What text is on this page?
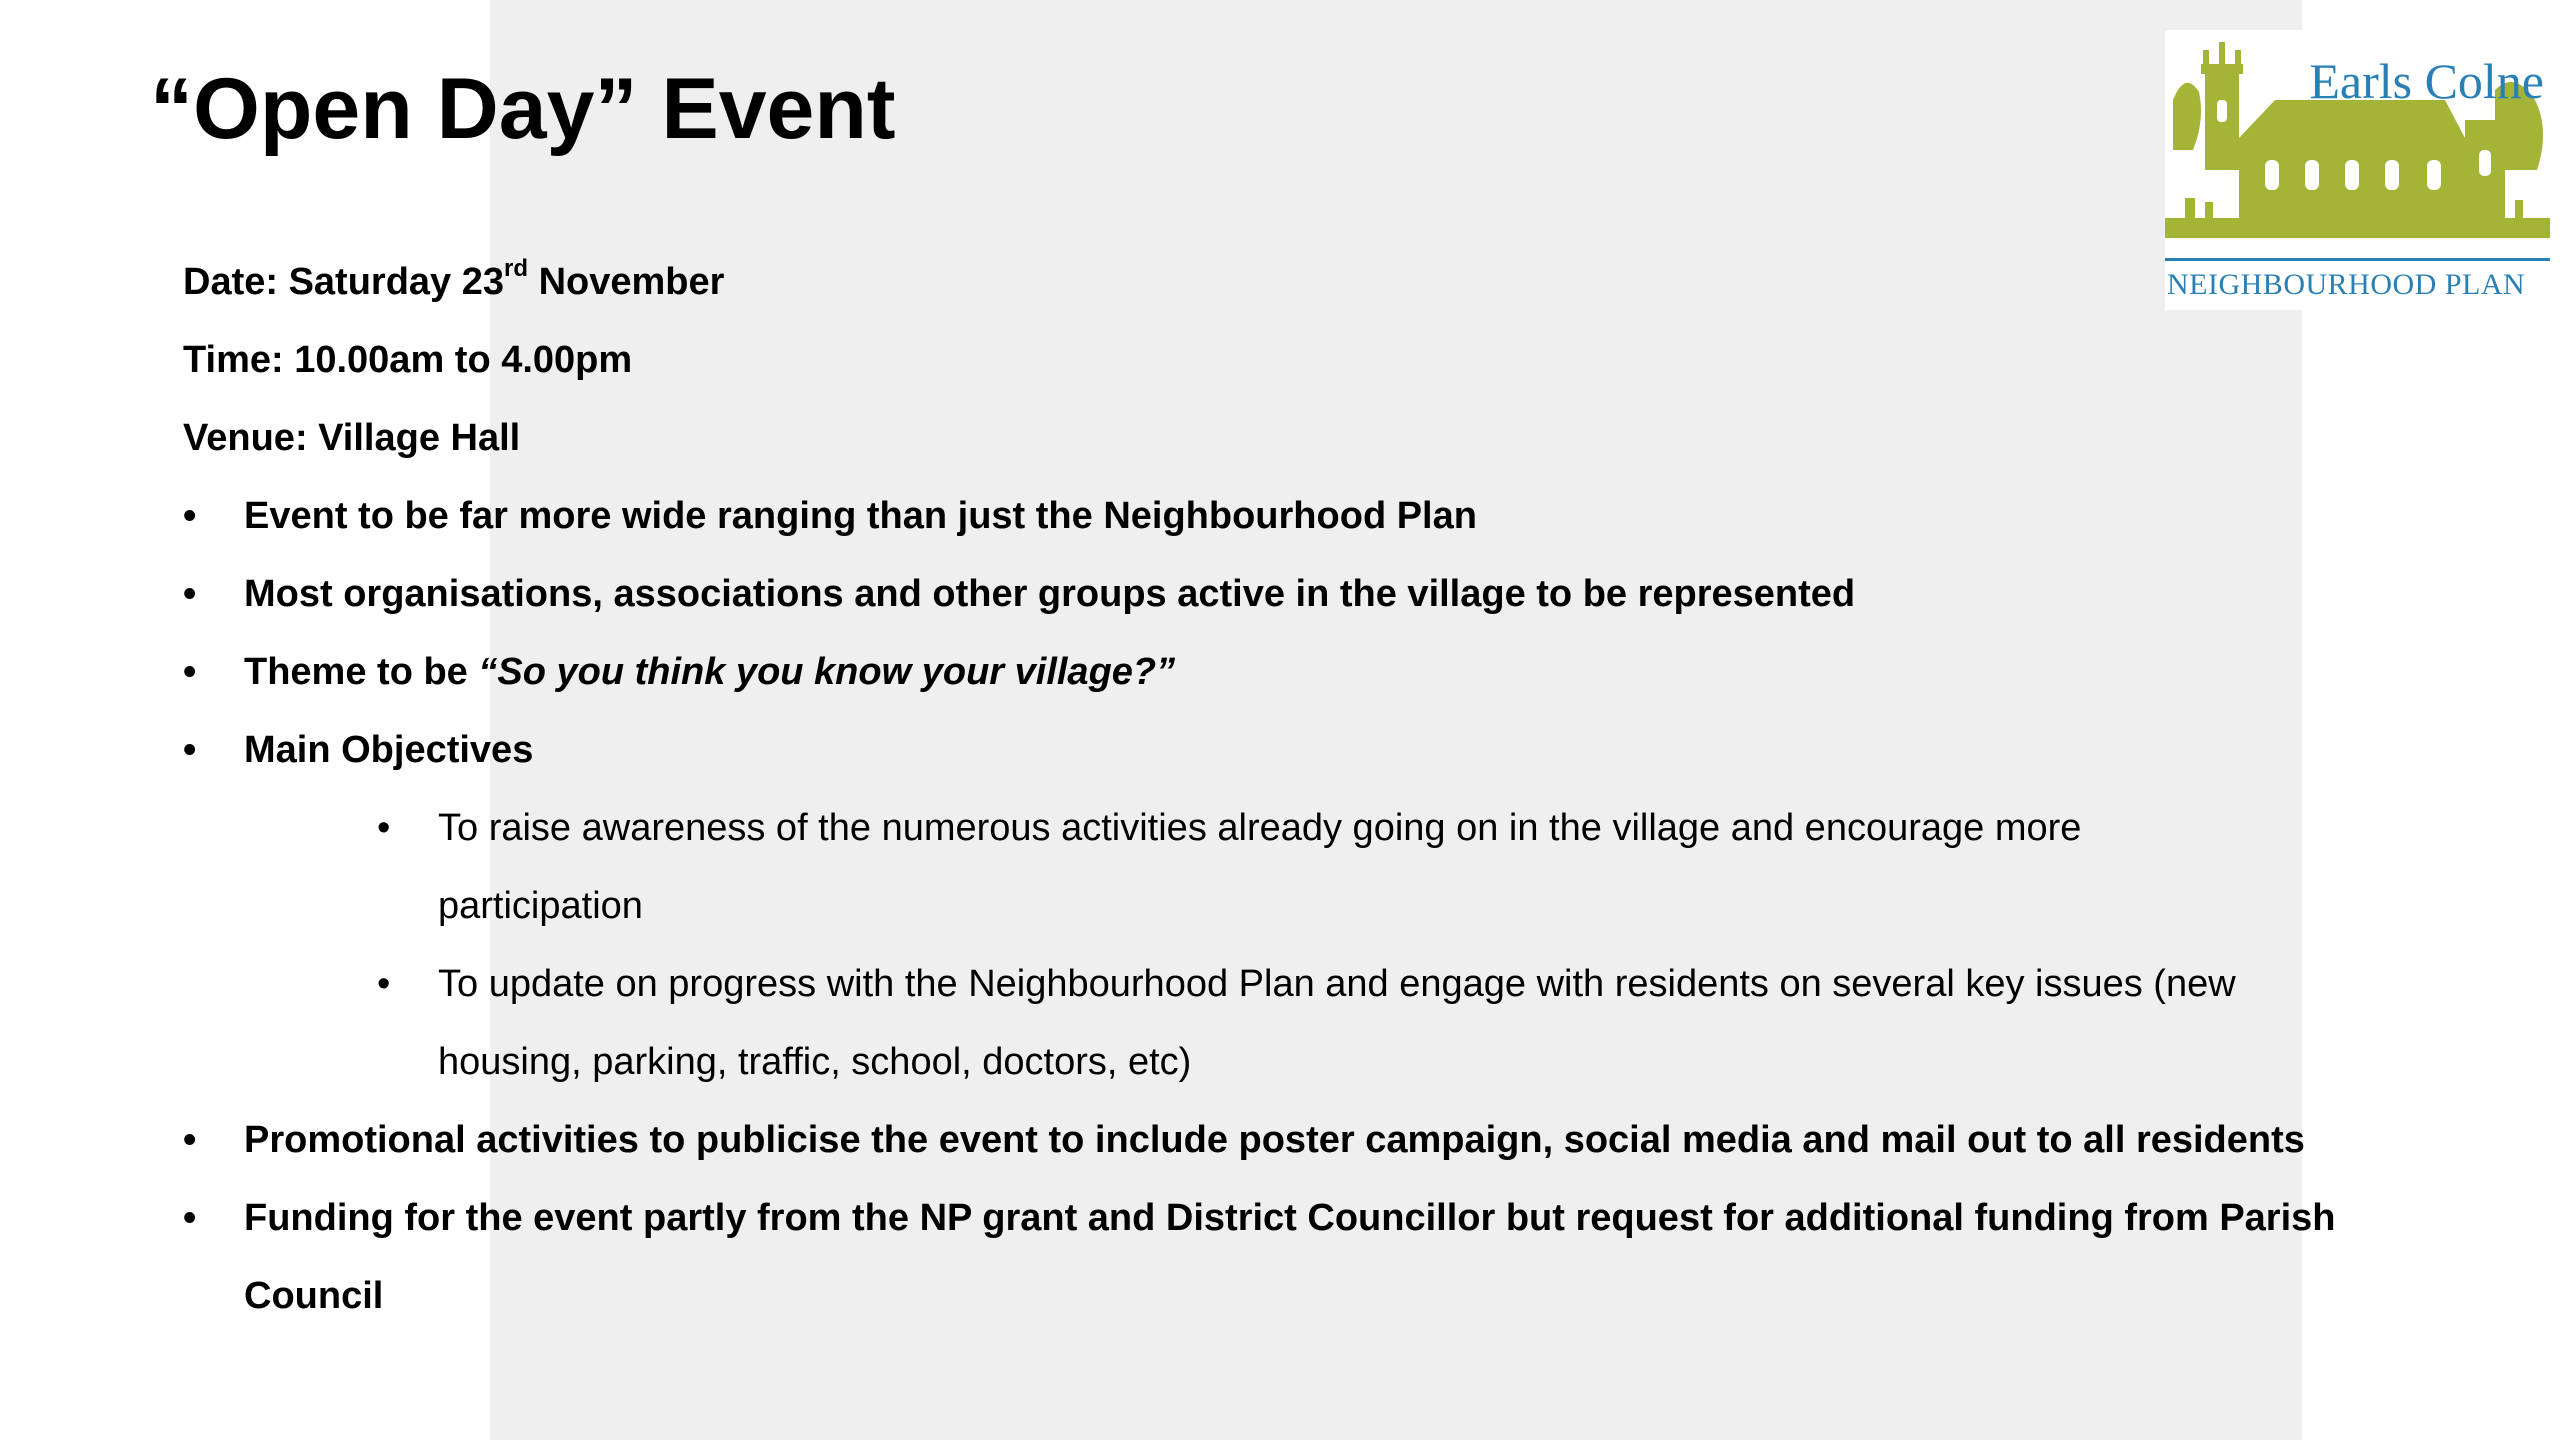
“Open Day” Event
Date: Saturday 23rd November
Time: 10.00am to 4.00pm
Venue: Village Hall
• Event to be far more wide ranging than just the Neighbourhood Plan
• Most organisations, associations and other groups active in the village to be represented
• Theme to be “So you think you know your village?”
• Main Objectives
• To raise awareness of the numerous activities already going on in the village and encourage more
participation
• To update on progress with the Neighbourhood Plan and engage with residents on several key issues (new
housing, parking, traffic, school, doctors, etc)
• Promotional activities to publicise the event to include poster campaign, social media and mail out to all residents
• Funding for the event partly from the NP grant and District Councillor but request for additional funding from Parish
Council
Earls Colne
NEIGHBOURHOOD PLAN
